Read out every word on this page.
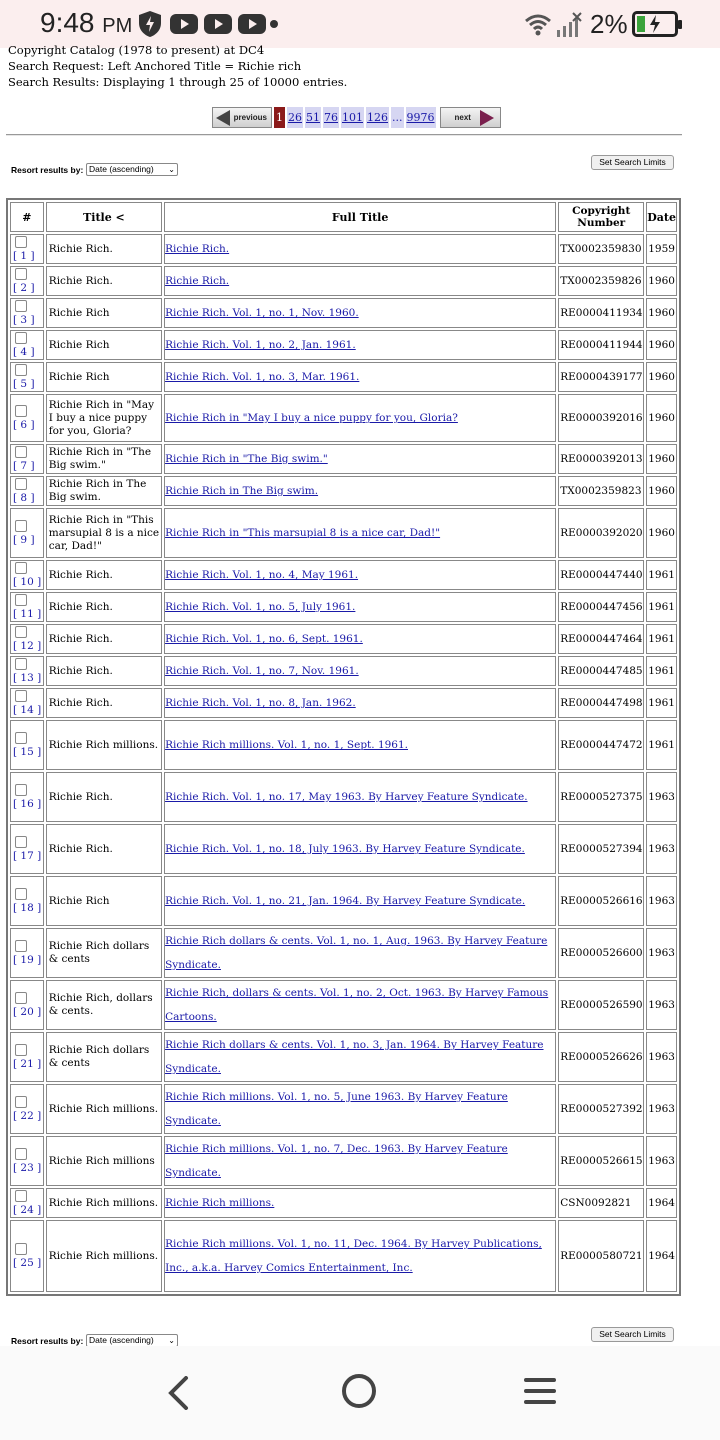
9:48 PM	2%
Copyright Catalog (1978 to present) at DC4
Search Request: Left Anchored Title = Richie rich
Search Results: Displaying 1 through 25 of 10000 entries.
previous 1 26 51 76 101 126 ... 9976	next
Resort results by: Date (ascending) ⌄
Set Search Limits
#	Title <	Full Title	Copyright Number	Date

[ 1 ]	Richie Rich.	Richie Rich.	TX0002359830	1959

[ 2 ]	Richie Rich.	Richie Rich.	TX0002359826	1960

[ 3 ]	Richie Rich	Richie Rich. Vol. 1, no. 1, Nov. 1960.	RE0000411934	1960

[ 4 ]	Richie Rich	Richie Rich. Vol. 1, no. 2, Jan. 1961.	RE0000411944	1960

[ 5 ]	Richie Rich	Richie Rich. Vol. 1, no. 3, Mar. 1961.	RE0000439177	1960

[ 6 ]	Richie Rich in "May I buy a nice puppy for you, Gloria?	Richie Rich in "May I buy a nice puppy for you, Gloria?	RE0000392016	1960

[ 7 ]	Richie Rich in "The Big swim."	Richie Rich in "The Big swim."	RE0000392013	1960

[ 8 ]	Richie Rich in The Big swim.	Richie Rich in The Big swim.	TX0002359823	1960

[ 9 ]	Richie Rich in "This marsupial 8 is a nice car, Dad!"	Richie Rich in "This marsupial 8 is a nice car, Dad!"	RE0000392020	1960

[ 10 ]	Richie Rich.	Richie Rich. Vol. 1, no. 4, May 1961.	RE0000447440	1961

[ 11 ]	Richie Rich.	Richie Rich. Vol. 1, no. 5, July 1961.	RE0000447456	1961

[ 12 ]	Richie Rich.	Richie Rich. Vol. 1, no. 6, Sept. 1961.	RE0000447464	1961

[ 13 ]	Richie Rich.	Richie Rich. Vol. 1, no. 7, Nov. 1961.	RE0000447485	1961

[ 14 ]	Richie Rich.	Richie Rich. Vol. 1, no. 8, Jan. 1962.	RE0000447498	1961

[ 15 ]	Richie Rich millions.	Richie Rich millions. Vol. 1, no. 1, Sept. 1961.	RE0000447472	1961

[ 16 ]	Richie Rich.	Richie Rich. Vol. 1, no. 17, May 1963. By Harvey Feature Syndicate.	RE0000527375	1963

[ 17 ]	Richie Rich.	Richie Rich. Vol. 1, no. 18, July 1963. By Harvey Feature Syndicate.	RE0000527394	1963

[ 18 ]	Richie Rich	Richie Rich. Vol. 1, no. 21, Jan. 1964. By Harvey Feature Syndicate.	RE0000526616	1963

[ 19 ]	Richie Rich dollars & cents	Richie Rich dollars & cents. Vol. 1, no. 1, Aug. 1963. By Harvey Feature Syndicate.	RE0000526600	1963

[ 20 ]	Richie Rich, dollars & cents.	Richie Rich, dollars & cents. Vol. 1, no. 2, Oct. 1963. By Harvey Famous Cartoons.	RE0000526590	1963

[ 21 ]	Richie Rich dollars & cents	Richie Rich dollars & cents. Vol. 1, no. 3, Jan. 1964. By Harvey Feature Syndicate.	RE0000526626	1963

[ 22 ]	Richie Rich millions.	Richie Rich millions. Vol. 1, no. 5, June 1963. By Harvey Feature Syndicate.	RE0000527392	1963

[ 23 ]	Richie Rich millions	Richie Rich millions. Vol. 1, no. 7, Dec. 1963. By Harvey Feature Syndicate.	RE0000526615	1963

[ 24 ]	Richie Rich millions.	Richie Rich millions.	CSN0092821	1964

[ 25 ]	Richie Rich millions.	Richie Rich millions. Vol. 1, no. 11, Dec. 1964. By Harvey Publications, Inc., a.k.a. Harvey Comics Entertainment, Inc.	RE0000580721	1964
Resort results by: Date (ascending) ⌄
Set Search Limits
